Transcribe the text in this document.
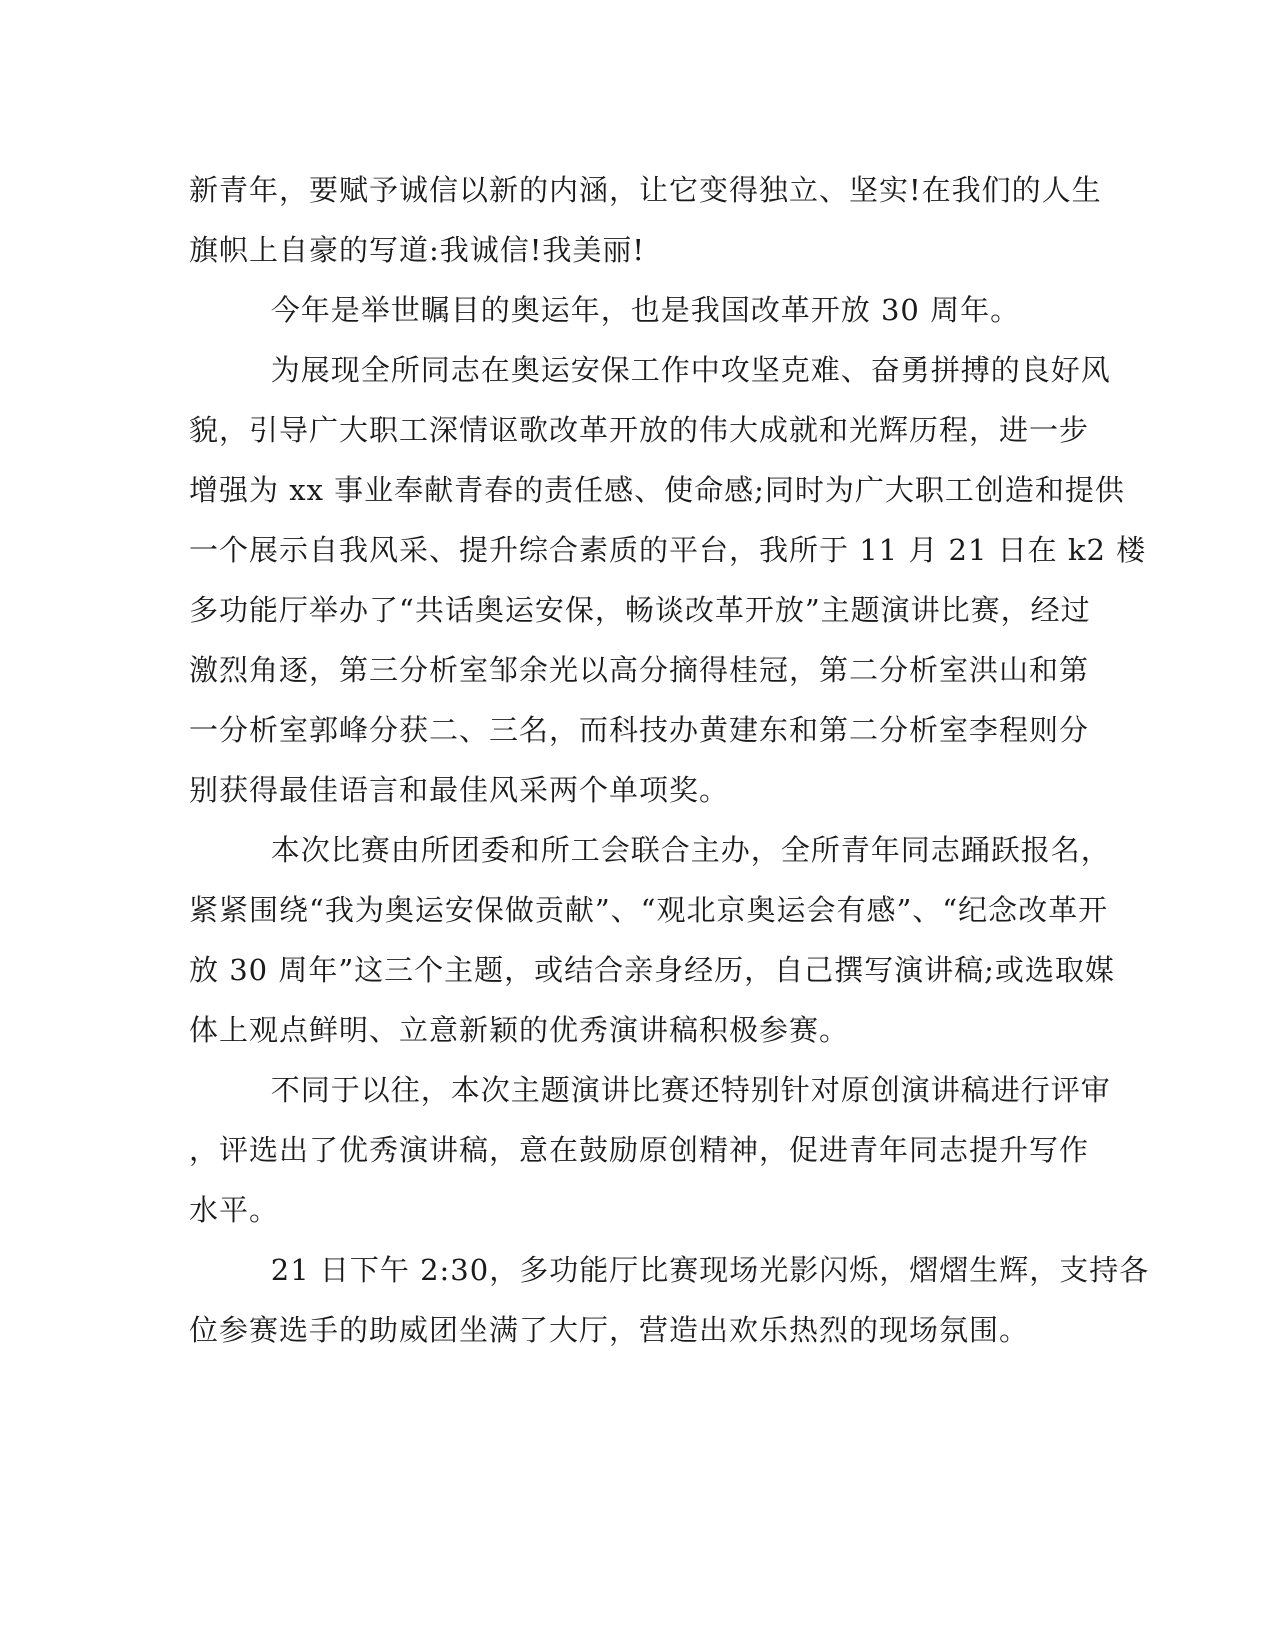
新青年，要赋予诚信以新的内涵，让它变得独立、坚实!在我们的人生
旗帜上自豪的写道:我诚信!我美丽!
今年是举世瞩目的奥运年，也是我国改革开放 30 周年。
为展现全所同志在奥运安保工作中攻坚克难、奋勇拼搏的良好风
貌，引导广大职工深情讴歌改革开放的伟大成就和光辉历程，进一步
增强为 xx 事业奉献青春的责任感、使命感;同时为广大职工创造和提供
一个展示自我风采、提升综合素质的平台，我所于 11 月 21 日在 k2 楼
多功能厅举办了“共话奥运安保，畅谈改革开放”主题演讲比赛，经过
激烈角逐，第三分析室邹余光以高分摘得桂冠，第二分析室洪山和第
一分析室郭峰分获二、三名，而科技办黄建东和第二分析室李程则分
别获得最佳语言和最佳风采两个单项奖。
本次比赛由所团委和所工会联合主办，全所青年同志踊跃报名，
紧紧围绕“我为奥运安保做贡献”、“观北京奥运会有感”、“纪念改革开
放 30 周年”这三个主题，或结合亲身经历，自己撰写演讲稿;或选取媒
体上观点鲜明、立意新颖的优秀演讲稿积极参赛。
不同于以往，本次主题演讲比赛还特别针对原创演讲稿进行评审
，评选出了优秀演讲稿，意在鼓励原创精神，促进青年同志提升写作
水平。
21 日下午 2:30，多功能厅比赛现场光影闪烁，熠熠生辉，支持各
位参赛选手的助威团坐满了大厅，营造出欢乐热烈的现场氛围。
